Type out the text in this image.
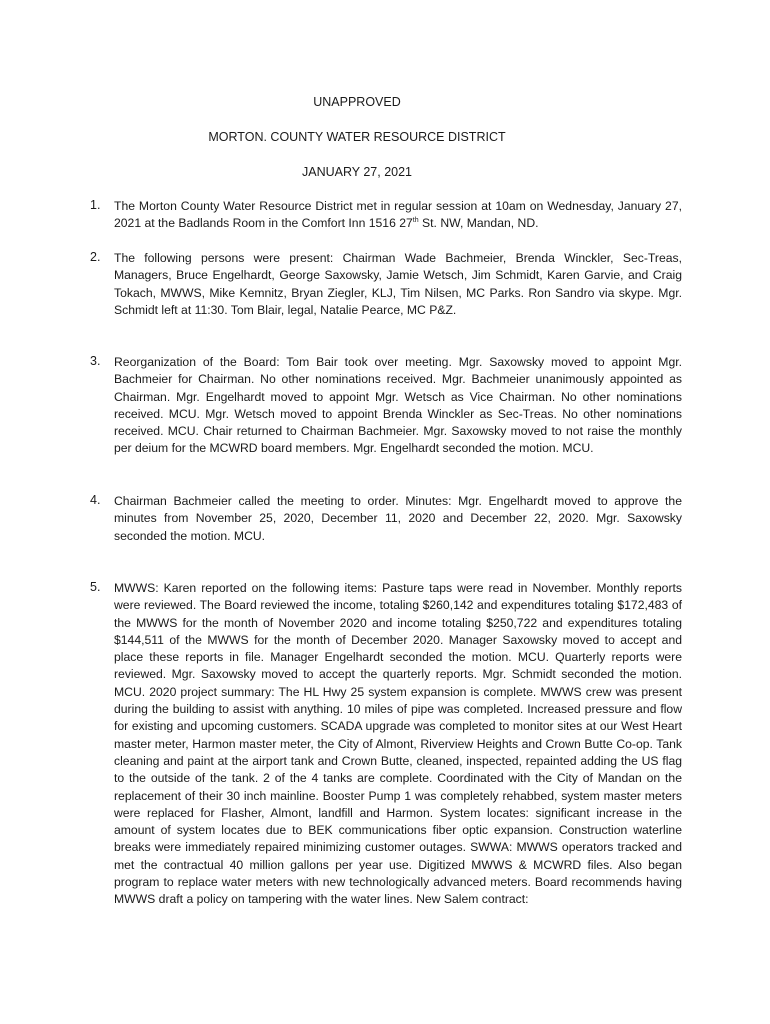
UNAPPROVED
MORTON. COUNTY WATER RESOURCE DISTRICT
JANUARY 27, 2021
1. The Morton County Water Resource District met in regular session at 10am on Wednesday, January 27, 2021 at the Badlands Room in the Comfort Inn 1516 27th St. NW, Mandan, ND.
2. The following persons were present: Chairman Wade Bachmeier, Brenda Winckler, Sec-Treas, Managers, Bruce Engelhardt, George Saxowsky, Jamie Wetsch, Jim Schmidt, Karen Garvie, and Craig Tokach, MWWS, Mike Kemnitz, Bryan Ziegler, KLJ, Tim Nilsen, MC Parks. Ron Sandro via skype. Mgr. Schmidt left at 11:30. Tom Blair, legal, Natalie Pearce, MC P&Z.
3. Reorganization of the Board: Tom Bair took over meeting. Mgr. Saxowsky moved to appoint Mgr. Bachmeier for Chairman. No other nominations received. Mgr. Bachmeier unanimously appointed as Chairman. Mgr. Engelhardt moved to appoint Mgr. Wetsch as Vice Chairman. No other nominations received. MCU. Mgr. Wetsch moved to appoint Brenda Winckler as Sec-Treas. No other nominations received. MCU. Chair returned to Chairman Bachmeier. Mgr. Saxowsky moved to not raise the monthly per deium for the MCWRD board members. Mgr. Engelhardt seconded the motion. MCU.
4. Chairman Bachmeier called the meeting to order. Minutes: Mgr. Engelhardt moved to approve the minutes from November 25, 2020, December 11, 2020 and December 22, 2020. Mgr. Saxowsky seconded the motion. MCU.
5. MWWS: Karen reported on the following items: Pasture taps were read in November. Monthly reports were reviewed. The Board reviewed the income, totaling $260,142 and expenditures totaling $172,483 of the MWWS for the month of November 2020 and income totaling $250,722 and expenditures totaling $144,511 of the MWWS for the month of December 2020. Manager Saxowsky moved to accept and place these reports in file. Manager Engelhardt seconded the motion. MCU. Quarterly reports were reviewed. Mgr. Saxowsky moved to accept the quarterly reports. Mgr. Schmidt seconded the motion. MCU. 2020 project summary: The HL Hwy 25 system expansion is complete. MWWS crew was present during the building to assist with anything. 10 miles of pipe was completed. Increased pressure and flow for existing and upcoming customers. SCADA upgrade was completed to monitor sites at our West Heart master meter, Harmon master meter, the City of Almont, Riverview Heights and Crown Butte Co-op. Tank cleaning and paint at the airport tank and Crown Butte, cleaned, inspected, repainted adding the US flag to the outside of the tank. 2 of the 4 tanks are complete. Coordinated with the City of Mandan on the replacement of their 30 inch mainline. Booster Pump 1 was completely rehabbed, system master meters were replaced for Flasher, Almont, landfill and Harmon. System locates: significant increase in the amount of system locates due to BEK communications fiber optic expansion. Construction waterline breaks were immediately repaired minimizing customer outages. SWWA: MWWS operators tracked and met the contractual 40 million gallons per year use. Digitized MWWS & MCWRD files. Also began program to replace water meters with new technologically advanced meters. Board recommends having MWWS draft a policy on tampering with the water lines. New Salem contract:
